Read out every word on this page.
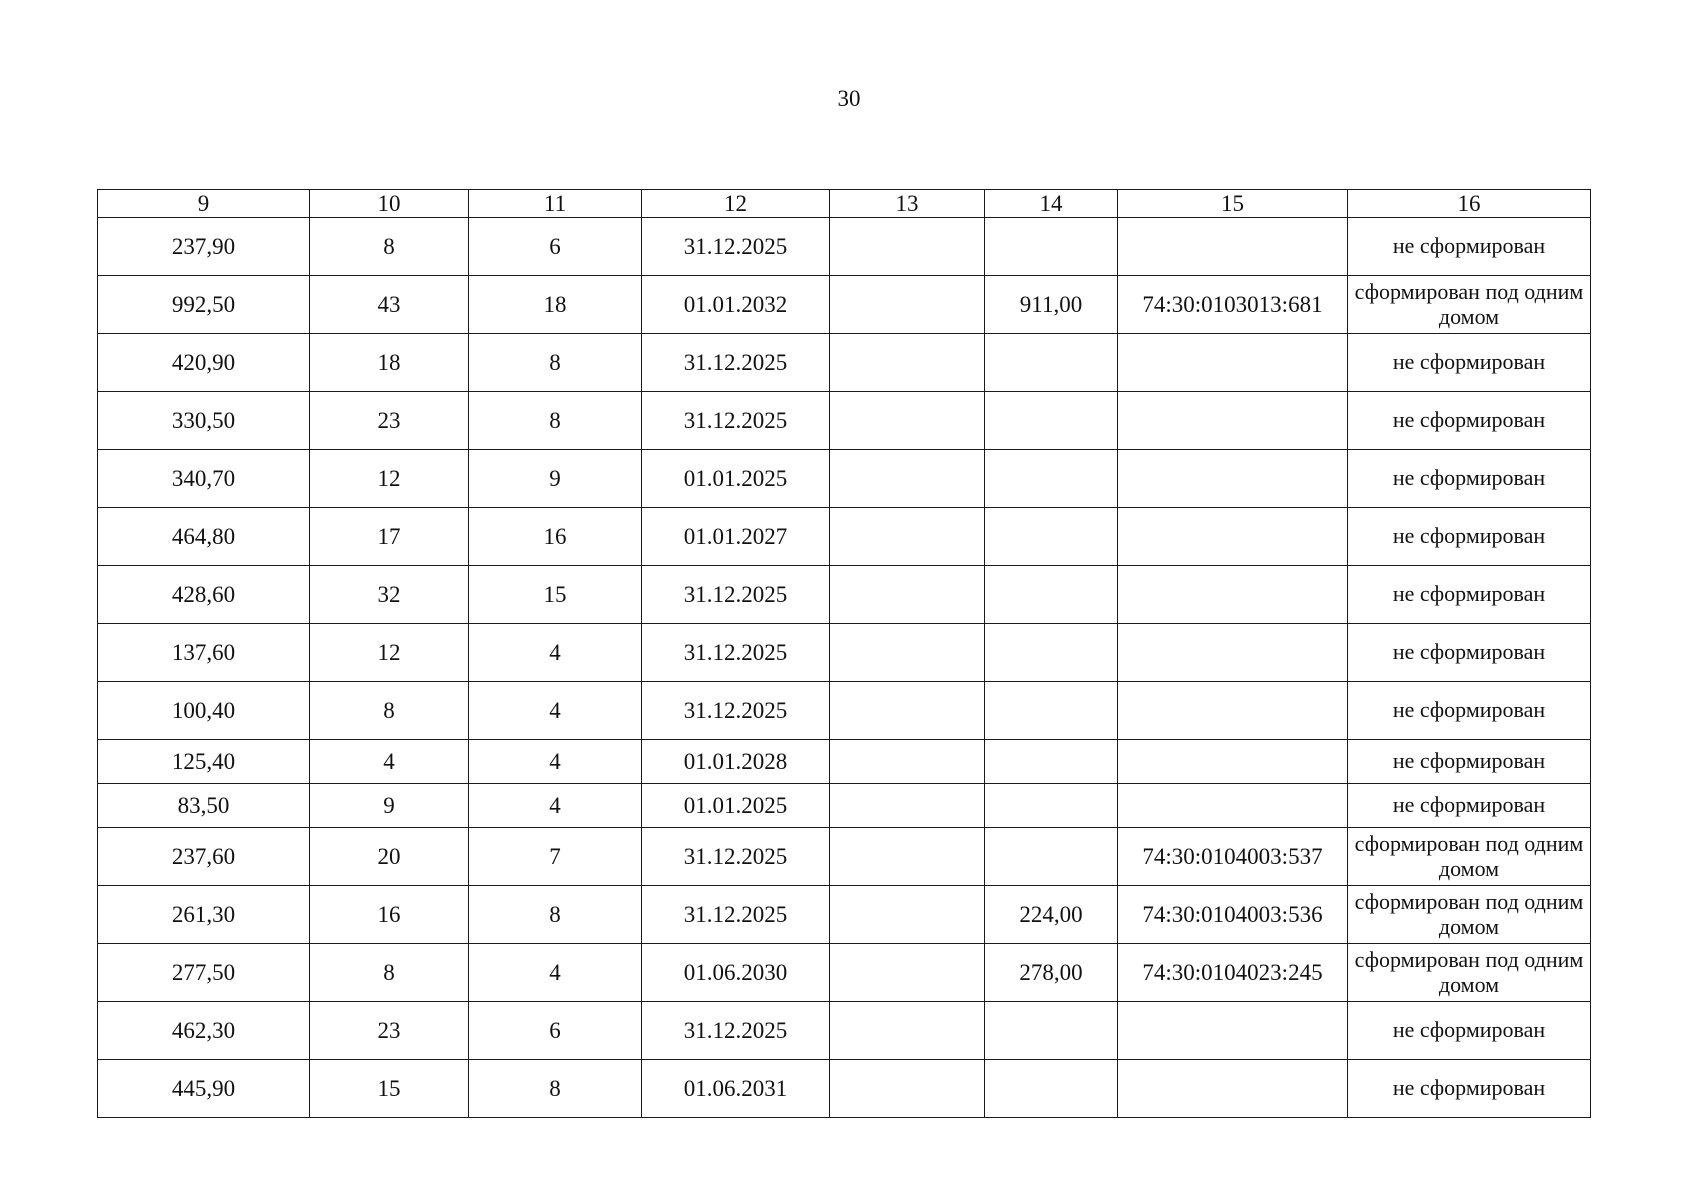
30
9	10	11	12	13	14	15	16
237,90	8	6	31.12.2025				не сформирован
992,50	43	18	01.01.2032		911,00	74:30:0103013:681	сформирован под одним домом
420,90	18	8	31.12.2025				не сформирован
330,50	23	8	31.12.2025				не сформирован
340,70	12	9	01.01.2025				не сформирован
464,80	17	16	01.01.2027				не сформирован
428,60	32	15	31.12.2025				не сформирован
137,60	12	4	31.12.2025				не сформирован
100,40	8	4	31.12.2025				не сформирован
125,40	4	4	01.01.2028				не сформирован
83,50	9	4	01.01.2025				не сформирован
237,60	20	7	31.12.2025			74:30:0104003:537	сформирован под одним домом
261,30	16	8	31.12.2025		224,00	74:30:0104003:536	сформирован под одним домом
277,50	8	4	01.06.2030		278,00	74:30:0104023:245	сформирован под одним домом
462,30	23	6	31.12.2025				не сформирован
445,90	15	8	01.06.2031				не сформирован
